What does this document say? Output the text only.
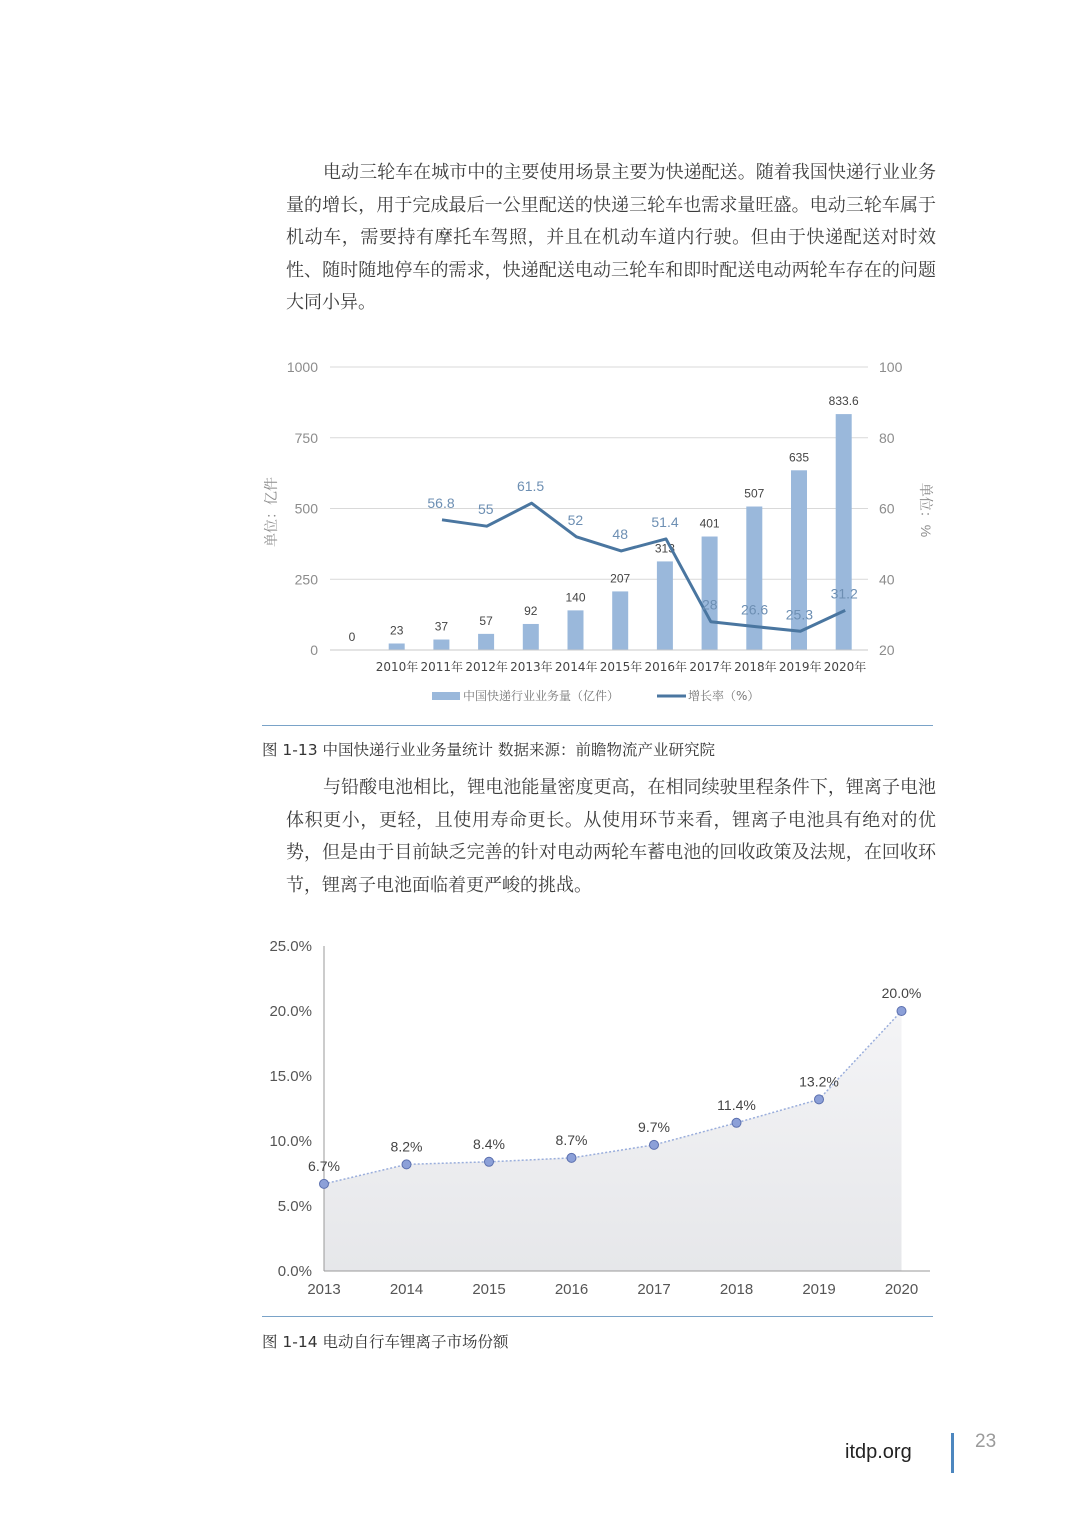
电动三轮车在城市中的主要使用场景主要为快递配送。随着我国快递行业业务量的增长，用于完成最后一公里配送的快递三轮车也需求量旺盛。电动三轮车属于机动车，需要持有摩托车驾照，并且在机动车道内行驶。但由于快递配送对时效性、随时随地停车的需求，快递配送电动三轮车和即时配送电动两轮车存在的问题大同小异。

0	23	37	57
92
140
207
313
401
507
635
833.6
56.8 55
61.5
52
48
51.4
28 26.6 25.3
31.2
0
250
500
750
1000
20
40
60
80
100
2010年 2011年 2012年 2013年 2014年 2015年 2016年 2017年 2018年 2019年 2020年
单位：亿件	单位：%
中国快递行业业务量（亿件）	增长率（%）
0.0%
5.0%
10.0%
15.0%
20.0%
25.0%
6.7%
8.2%	8.4%	8.7%
9.7%
11.4%
13.2%
20.0%
2013	2014	2015	2016	2017	2018	2019	2020
图 1-13 中国快递行业业务量统计 数据来源：前瞻物流产业研究院

与铅酸电池相比，锂电池能量密度更高，在相同续驶里程条件下，锂离子电池体积更小，更轻，且使用寿命更长。从使用环节来看，锂离子电池具有绝对的优势，但是由于目前缺乏完善的针对电动两轮车蓄电池的回收政策及法规，在回收环节，锂离子电池面临着更严峻的挑战。

图 1-14 电动自行车锂离子市场份额
itdp.org	23
